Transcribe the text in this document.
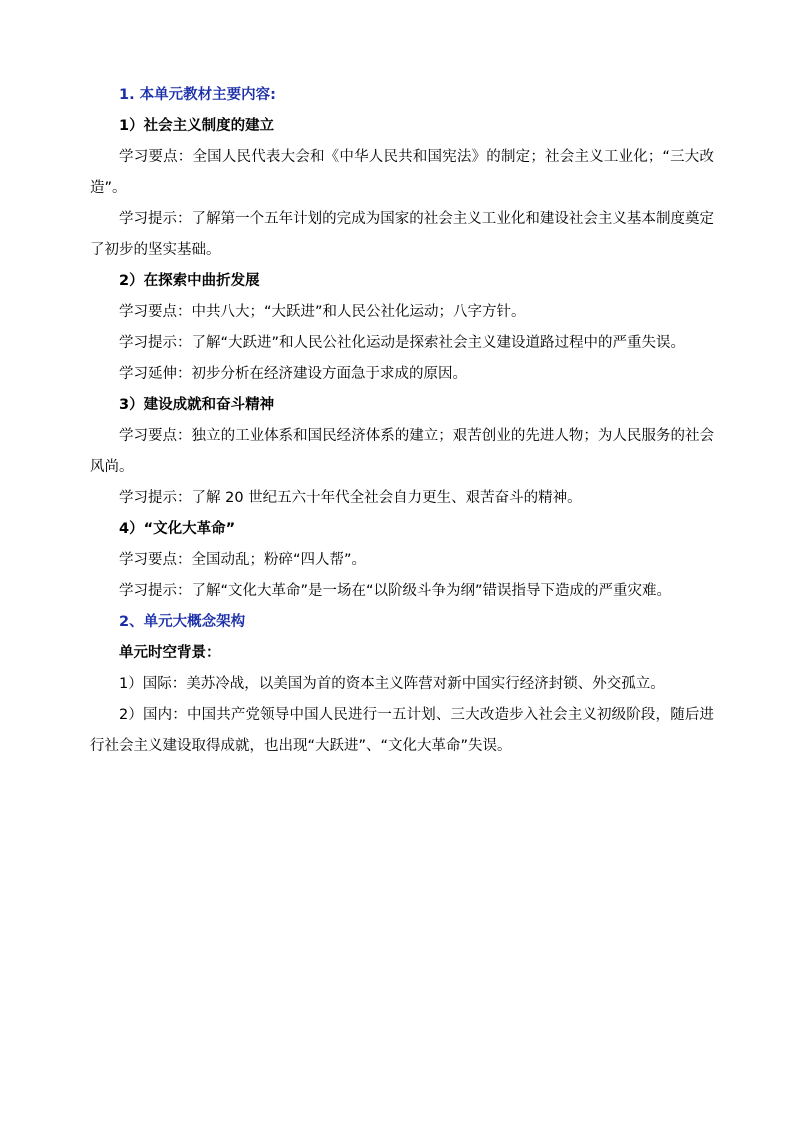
1. 本单元教材主要内容:
1）社会主义制度的建立
学习要点：全国人民代表大会和《中华人民共和国宪法》的制定；社会主义工业化；“三大改造”。
学习提示：了解第一个五年计划的完成为国家的社会主义工业化和建设社会主义基本制度奠定了初步的坚实基础。
2）在探索中曲折发展
学习要点：中共八大；“大跃进”和人民公社化运动；八字方针。
学习提示：了解“大跃进”和人民公社化运动是探索社会主义建设道路过程中的严重失误。
学习延伸：初步分析在经济建设方面急于求成的原因。
3）建设成就和奋斗精神
学习要点：独立的工业体系和国民经济体系的建立；艰苦创业的先进人物；为人民服务的社会风尚。
学习提示：了解 20 世纪五六十年代全社会自力更生、艰苦奋斗的精神。
4）“文化大革命”
学习要点：全国动乱；粉碎“四人帮”。
学习提示：了解“文化大革命”是一场在“以阶级斗争为纲”错误指导下造成的严重灾难。
2、单元大概念架构
单元时空背景：
1）国际：美苏冷战，以美国为首的资本主义阵营对新中国实行经济封锁、外交孤立。
2）国内：中国共产党领导中国人民进行一五计划、三大改造步入社会主义初级阶段，随后进行社会主义建设取得成就，也出现“大跃进”、“文化大革命”失误。
